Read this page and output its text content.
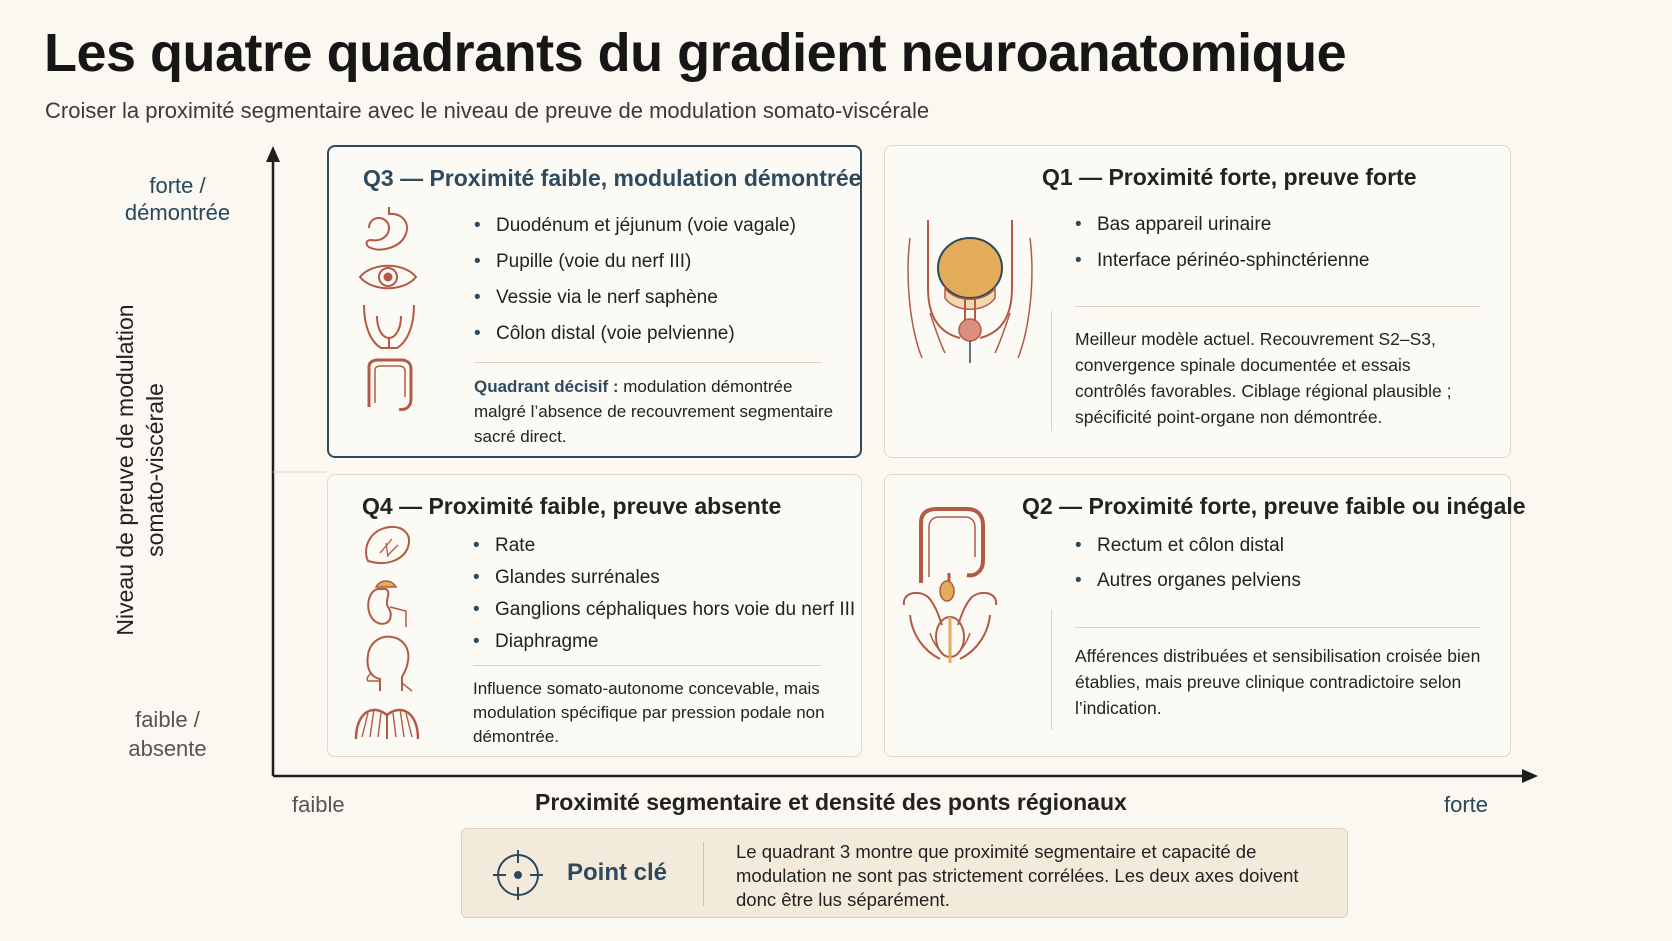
Les quatre quadrants du gradient neuroanatomique
Croiser la proximité segmentaire avec le niveau de preuve de modulation somato-viscérale
forte / démontrée
faible / absente
Niveau de preuve de modulation somato-viscérale
faible	forte
Proximité segmentaire et densité des ponts régionaux
Q3 — Proximité faible, modulation démontrée
• Duodénum et jéjunum (voie vagale)
• Pupille (voie du nerf III)
• Vessie via le nerf saphène
• Côlon distal (voie pelvienne)
Quadrant décisif : modulation démontrée malgré l’absence de recouvrement segmentaire sacré direct.
Q1 — Proximité forte, preuve forte
• Bas appareil urinaire
• Interface périnéo-sphinctérienne
Meilleur modèle actuel. Recouvrement S2–S3, convergence spinale documentée et essais contrôlés favorables. Ciblage régional plausible ; spécificité point-organe non démontrée.
Q4 — Proximité faible, preuve absente
• Rate
• Glandes surrénales
• Ganglions céphaliques hors voie du nerf III
• Diaphragme
Influence somato-autonome concevable, mais modulation spécifique par pression podale non démontrée.
Q2 — Proximité forte, preuve faible ou inégale
• Rectum et côlon distal
• Autres organes pelviens
Afférences distribuées et sensibilisation croisée bien établies, mais preuve clinique contradictoire selon l’indication.
Point clé
Le quadrant 3 montre que proximité segmentaire et capacité de modulation ne sont pas strictement corrélées. Les deux axes doivent donc être lus séparément.
